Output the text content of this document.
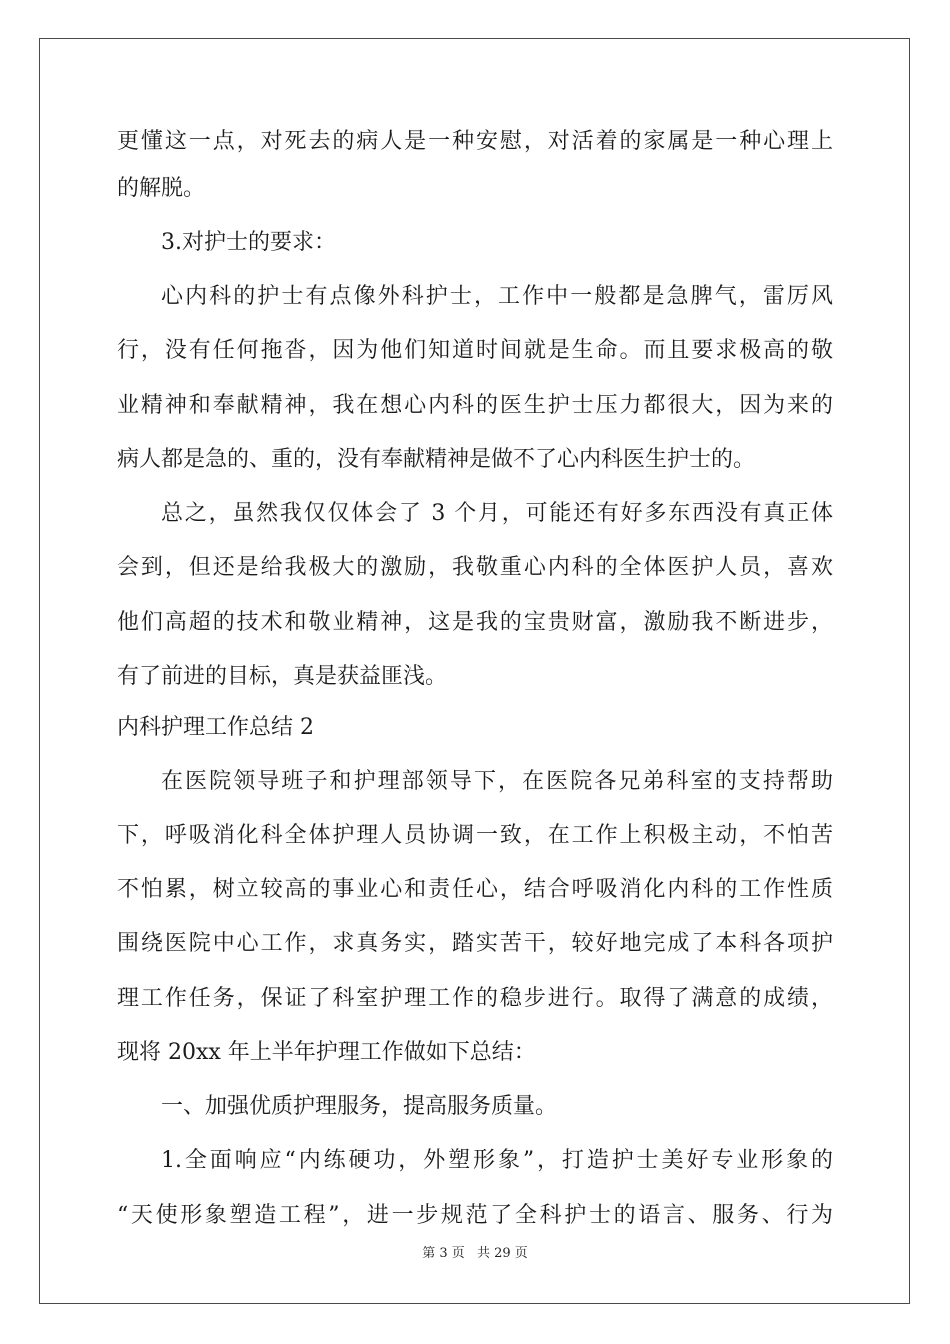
更懂这一点，对死去的病人是一种安慰，对活着的家属是一种心理上
的解脱。
3.对护士的要求：
心内科的护士有点像外科护士，工作中一般都是急脾气，雷厉风
行，没有任何拖沓，因为他们知道时间就是生命。而且要求极高的敬
业精神和奉献精神，我在想心内科的医生护士压力都很大，因为来的
病人都是急的、重的，没有奉献精神是做不了心内科医生护士的。
总之，虽然我仅仅体会了 3 个月，可能还有好多东西没有真正体
会到，但还是给我极大的激励，我敬重心内科的全体医护人员，喜欢
他们高超的技术和敬业精神，这是我的宝贵财富，激励我不断进步，
有了前进的目标，真是获益匪浅。
内科护理工作总结 2
在医院领导班子和护理部领导下，在医院各兄弟科室的支持帮助
下，呼吸消化科全体护理人员协调一致，在工作上积极主动，不怕苦
不怕累，树立较高的事业心和责任心，结合呼吸消化内科的工作性质
围绕医院中心工作，求真务实，踏实苦干，较好地完成了本科各项护
理工作任务，保证了科室护理工作的稳步进行。取得了满意的成绩，
现将 20xx 年上半年护理工作做如下总结：
一、加强优质护理服务，提高服务质量。
1.全面响应“内练硬功，外塑形象”，打造护士美好专业形象的
“天使形象塑造工程”，进一步规范了全科护士的语言、服务、行为
第 3 页 共 29 页
